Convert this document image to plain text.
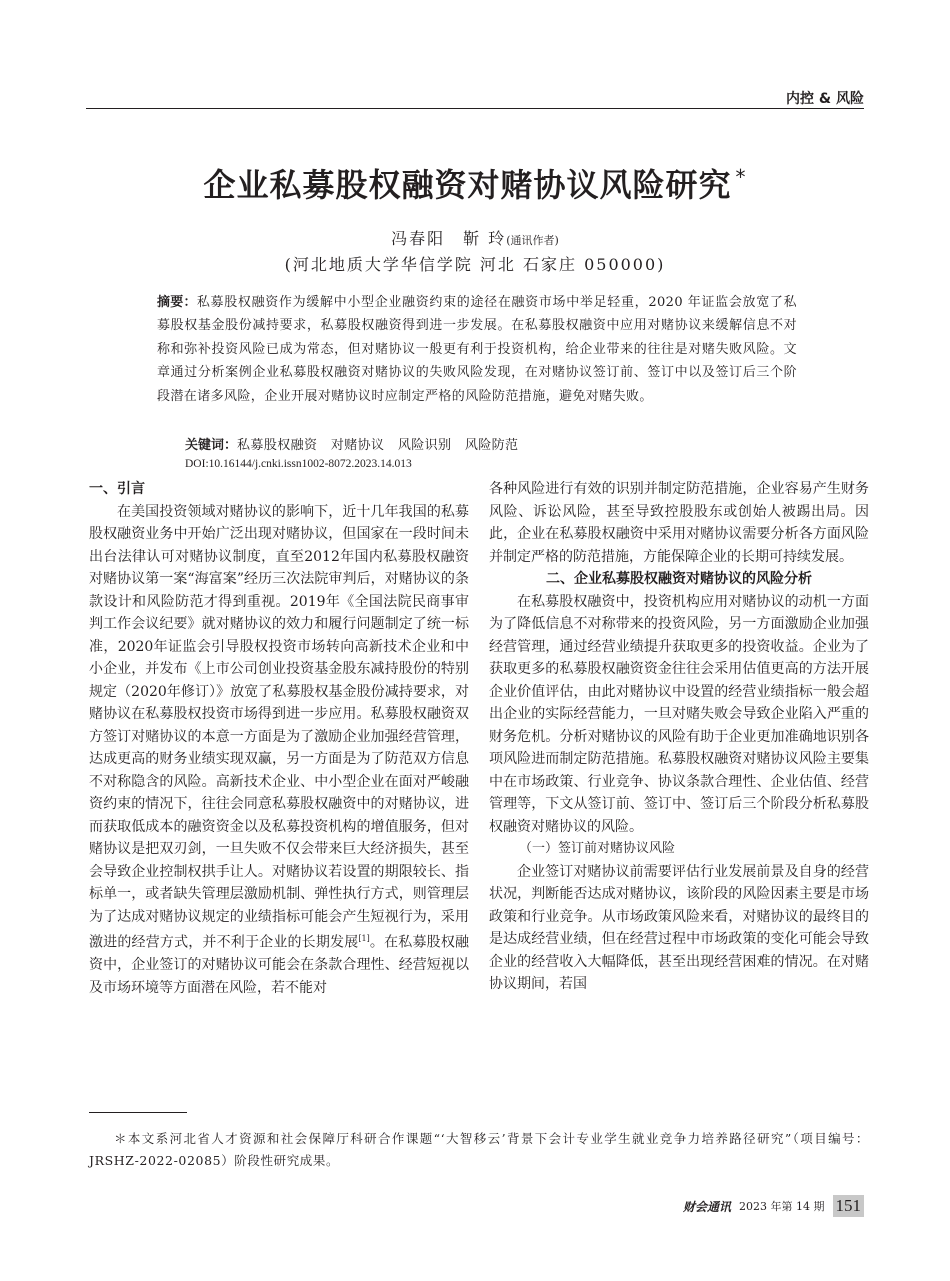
内控 & 风险
企业私募股权融资对赌协议风险研究 *
冯春阳　靳 玲(通讯作者)
(河北地质大学华信学院 河北 石家庄 050000)
摘要：私募股权融资作为缓解中小型企业融资约束的途径在融资市场中举足轻重，2020 年证监会放宽了私募股权基金股份减持要求，私募股权融资得到进一步发展。在私募股权融资中应用对赌协议来缓解信息不对称和弥补投资风险已成为常态，但对赌协议一般更有利于投资机构，给企业带来的往往是对赌失败风险。文章通过分析案例企业私募股权融资对赌协议的失败风险发现，在对赌协议签订前、签订中以及签订后三个阶段潜在诸多风险，企业开展对赌协议时应制定严格的风险防范措施，避免对赌失败。
关键词：私募股权融资　对赌协议　风险识别　风险防范
DOI:10.16144/j.cnki.issn1002-8072.2023.14.013
一、引言

在美国投资领域对赌协议的影响下，近十几年我国的私募股权融资业务中开始广泛出现对赌协议，但国家在一段时间未出台法律认可对赌协议制度，直至2012年国内私募股权融资对赌协议第一案“海富案”经历三次法院审判后，对赌协议的条款设计和风险防范才得到重视。2019年《全国法院民商事审判工作会议纪要》就对赌协议的效力和履行问题制定了统一标准，2020年证监会引导股权投资市场转向高新技术企业和中小企业，并发布《上市公司创业投资基金股东减持股份的特别规定（2020年修订）》放宽了私募股权基金股份减持要求，对赌协议在私募股权投资市场得到进一步应用。私募股权融资双方签订对赌协议的本意一方面是为了激励企业加强经营管理，达成更高的财务业绩实现双赢，另一方面是为了防范双方信息不对称隐含的风险。高新技术企业、中小型企业在面对严峻融资约束的情况下，往往会同意私募股权融资中的对赌协议，进而获取低成本的融资资金以及私募投资机构的增值服务，但对赌协议是把双刃剑，一旦失败不仅会带来巨大经济损失，甚至会导致企业控制权拱手让人。对赌协议若设置的期限较长、指标单一，或者缺失管理层激励机制、弹性执行方式，则管理层为了达成对赌协议规定的业绩指标可能会产生短视行为，采用激进的经营方式，并不利于企业的长期发展[1]。在私募股权融资中，企业签订的对赌协议可能会在条款合理性、经营短视以及市场环境等方面潜在风险，若不能对

各种风险进行有效的识别并制定防范措施，企业容易产生财务风险、诉讼风险，甚至导致控股股东或创始人被踢出局。因此，企业在私募股权融资中采用对赌协议需要分析各方面风险并制定严格的防范措施，方能保障企业的长期可持续发展。

二、企业私募股权融资对赌协议的风险分析

在私募股权融资中，投资机构应用对赌协议的动机一方面为了降低信息不对称带来的投资风险，另一方面激励企业加强经营管理，通过经营业绩提升获取更多的投资收益。企业为了获取更多的私募股权融资资金往往会采用估值更高的方法开展企业价值评估，由此对赌协议中设置的经营业绩指标一般会超出企业的实际经营能力，一旦对赌失败会导致企业陷入严重的财务危机。分析对赌协议的风险有助于企业更加准确地识别各项风险进而制定防范措施。私募股权融资对赌协议风险主要集中在市场政策、行业竞争、协议条款合理性、企业估值、经营管理等，下文从签订前、签订中、签订后三个阶段分析私募股权融资对赌协议的风险。

（一）签订前对赌协议风险

企业签订对赌协议前需要评估行业发展前景及自身的经营状况，判断能否达成对赌协议，该阶段的风险因素主要是市场政策和行业竞争。从市场政策风险来看，对赌协议的最终目的是达成经营业绩，但在经营过程中市场政策的变化可能会导致企业的经营收入大幅降低，甚至出现经营困难的情况。在对赌协议期间，若国

＊本文系河北省人才资源和社会保障厅科研合作课题“‘大智移云’背景下会计专业学生就业竞争力培养路径研究”（项目编号：JRSHZ-2022-02085）阶段性研究成果。
财会通讯 2023 年第 14 期 151
